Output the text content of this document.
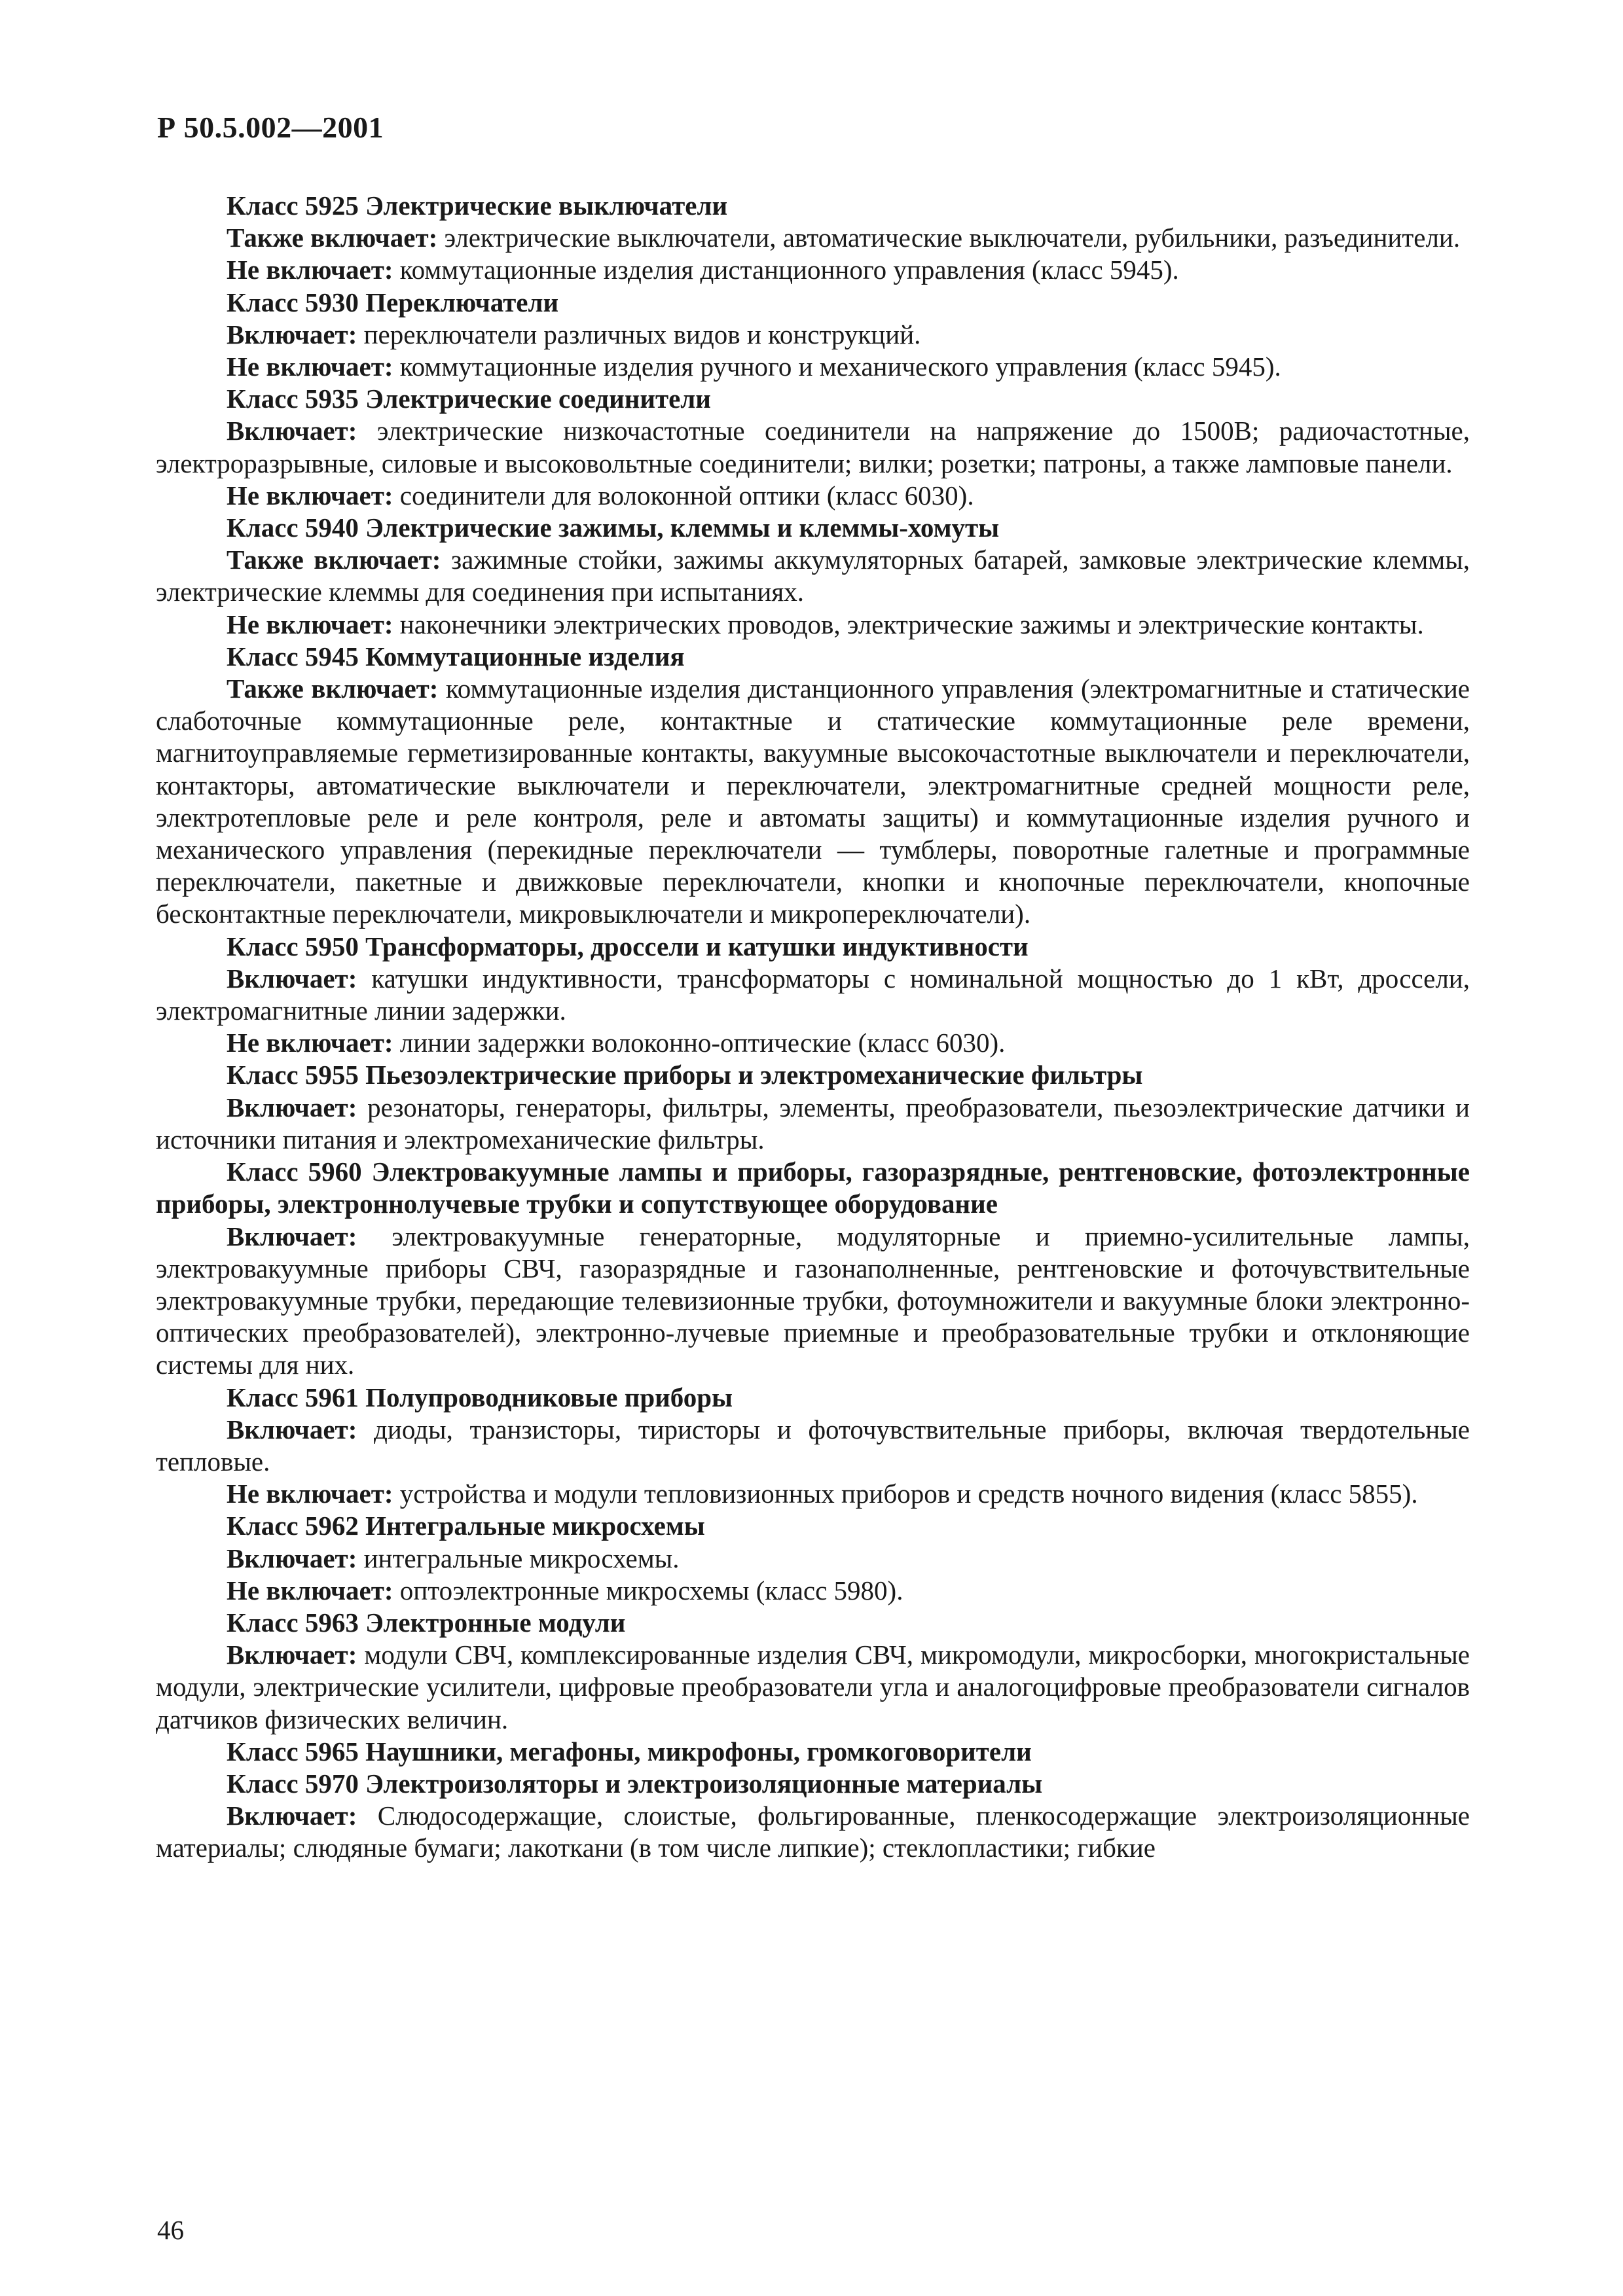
Р 50.5.002—2001

Класс 5925 Электрические выключатели

Также включает: электрические выключатели, автоматические выключатели, рубильники, разъединители.

Не включает: коммутационные изделия дистанционного управления (класс 5945).

Класс 5930 Переключатели

Включает: переключатели различных видов и конструкций.

Не включает: коммутационные изделия ручного и механического управления (класс 5945).

Класс 5935 Электрические соединители

Включает: электрические низкочастотные соединители на напряжение до 1500В; радиочастотные, электроразрывные, силовые и высоковольтные соединители; вилки; розетки; патроны, а также ламповые панели.

Не включает: соединители для волоконной оптики (класс 6030).

Класс 5940 Электрические зажимы, клеммы и клеммы-хомуты

Также включает: зажимные стойки, зажимы аккумуляторных батарей, замковые электрические клеммы, электрические клеммы для соединения при испытаниях.

Не включает: наконечники электрических проводов, электрические зажимы и электрические контакты.

Класс 5945 Коммутационные изделия

Также включает: коммутационные изделия дистанционного управления (электромагнитные и статические слаботочные коммутационные реле, контактные и статические коммутационные реле времени, магнитоуправляемые герметизированные контакты, вакуумные высокочастотные выключатели и переключатели, контакторы, автоматические выключатели и переключатели, электромагнитные средней мощности реле, электротепловые реле и реле контроля, реле и автоматы защиты) и коммутационные изделия ручного и механического управления (перекидные переключатели — тумблеры, поворотные галетные и программные переключатели, пакетные и движковые переключатели, кнопки и кнопочные переключатели, кнопочные бесконтактные переключатели, микровыключатели и микропереключатели).

Класс 5950 Трансформаторы, дроссели и катушки индуктивности

Включает: катушки индуктивности, трансформаторы с номинальной мощностью до 1 кВт, дроссели, электромагнитные линии задержки.

Не включает: линии задержки волоконно-оптические (класс 6030).

Класс 5955 Пьезоэлектрические приборы и электромеханические фильтры

Включает: резонаторы, генераторы, фильтры, элементы, преобразователи, пьезоэлектрические датчики и источники питания и электромеханические фильтры.

Класс 5960 Электровакуумные лампы и приборы, газоразрядные, рентгеновские, фотоэлектронные приборы, электроннолучевые трубки и сопутствующее оборудование

Включает: электровакуумные генераторные, модуляторные и приемно-усилительные лампы, электровакуумные приборы СВЧ, газоразрядные и газонаполненные, рентгеновские и фоточувствительные электровакуумные трубки, передающие телевизионные трубки, фотоумножители и вакуумные блоки электронно-оптических преобразователей), электронно-лучевые приемные и преобразовательные трубки и отклоняющие системы для них.

Класс 5961 Полупроводниковые приборы

Включает: диоды, транзисторы, тиристоры и фоточувствительные приборы, включая твердотельные тепловые.

Не включает: устройства и модули тепловизионных приборов и средств ночного видения (класс 5855).

Класс 5962 Интегральные микросхемы

Включает: интегральные микросхемы.

Не включает: оптоэлектронные микросхемы (класс 5980).

Класс 5963 Электронные модули

Включает: модули СВЧ, комплексированные изделия СВЧ, микромодули, микросборки, многокристальные модули, электрические усилители, цифровые преобразователи угла и аналогоцифровые преобразователи сигналов датчиков физических величин.

Класс 5965 Наушники, мегафоны, микрофоны, громкоговорители

Класс 5970 Электроизоляторы и электроизоляционные материалы

Включает: Слюдосодержащие, слоистые, фольгированные, пленкосодержащие электроизоляционные материалы; слюдяные бумаги; лакоткани (в том числе липкие); стеклопластики; гибкие

46
